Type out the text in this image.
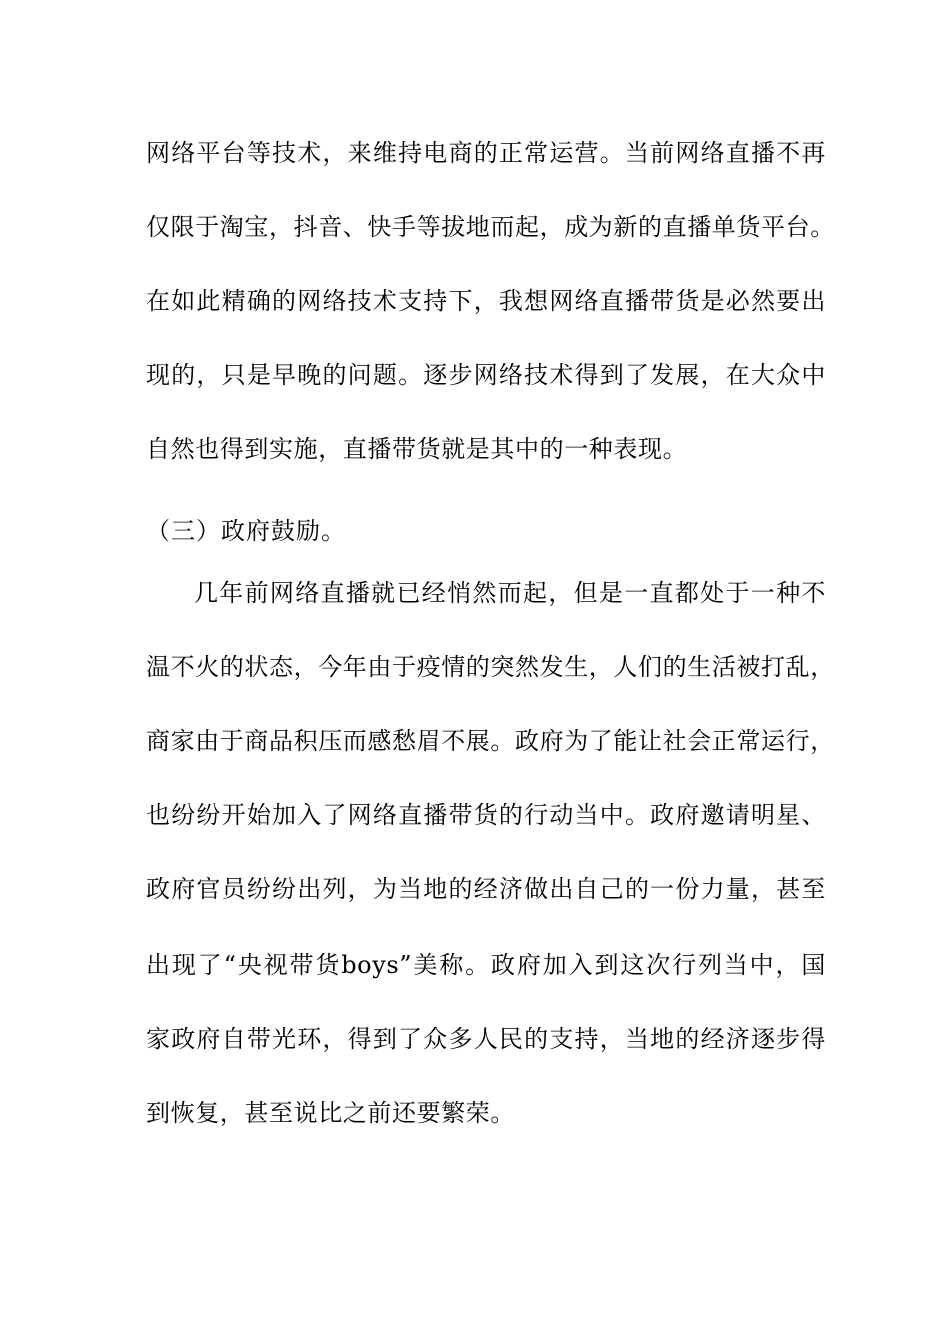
网络平台等技术，来维持电商的正常运营。当前网络直播不再
仅限于淘宝，抖音、快手等拔地而起，成为新的直播单货平台。
在如此精确的网络技术支持下，我想网络直播带货是必然要出
现的，只是早晚的问题。逐步网络技术得到了发展，在大众中
自然也得到实施，直播带货就是其中的一种表现。
（三）政府鼓励。
几年前网络直播就已经悄然而起，但是一直都处于一种不
温不火的状态，今年由于疫情的突然发生，人们的生活被打乱，
商家由于商品积压而感愁眉不展。政府为了能让社会正常运行，
也纷纷开始加入了网络直播带货的行动当中。政府邀请明星、
政府官员纷纷出列，为当地的经济做出自己的一份力量，甚至
出现了“央视带货boys”美称。政府加入到这次行列当中，国
家政府自带光环，得到了众多人民的支持，当地的经济逐步得
到恢复，甚至说比之前还要繁荣。
